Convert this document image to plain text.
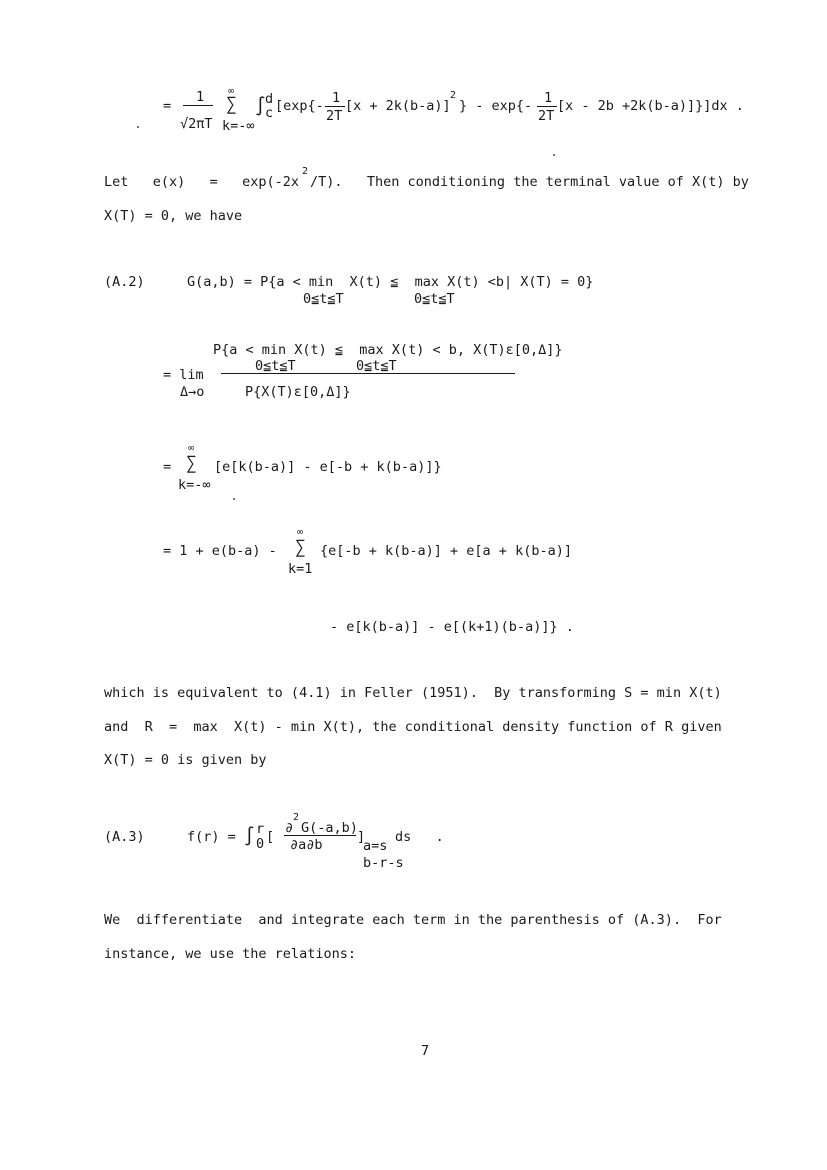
=
1
√2πT
∞
∑
k=-∞
∫ d
c [exp{- 1
2T
[x + 2k(b-a)]
2
} - exp{- 1
2T
[x - 2b +2k(b-a)]}]dx .
Let   e(x)   =   exp(-2x
2
/T).   Then conditioning the terminal value of X(t) by
X(T) = 0, we have
(A.2)	G(a,b) = P{a < min  X(t) ≦  max X(t) <b| X(T) = 0}
0≦t≦T	0≦t≦T
P{a < min X(t) ≦  max X(t) < b, X(T)ε[0,Δ]}
0≦t≦T	0≦t≦T
= lim
Δ→o	P{X(T)ε[0,Δ]}
=
∞
∑
k=-∞
[e[k(b-a)] - e[-b + k(b-a)]}
= 1 + e(b-a) -
∞
∑
k=1
{e[-b + k(b-a)] + e[a + k(b-a)]
- e[k(b-a)] - e[(k+1)(b-a)]} .
which is equivalent to (4.1) in Feller (1951).  By transforming S = min X(t)
and  R  =  max  X(t) - min X(t), the conditional density function of R given
X(T) = 0 is given by
(A.3)	f(r) = ∫ r
0 [
∂
2
G(-a,b)
∂a∂b	]
a=s
b-r-s
ds   .
We  differentiate  and integrate each term in the parenthesis of (A.3).  For
instance, we use the relations:
7
